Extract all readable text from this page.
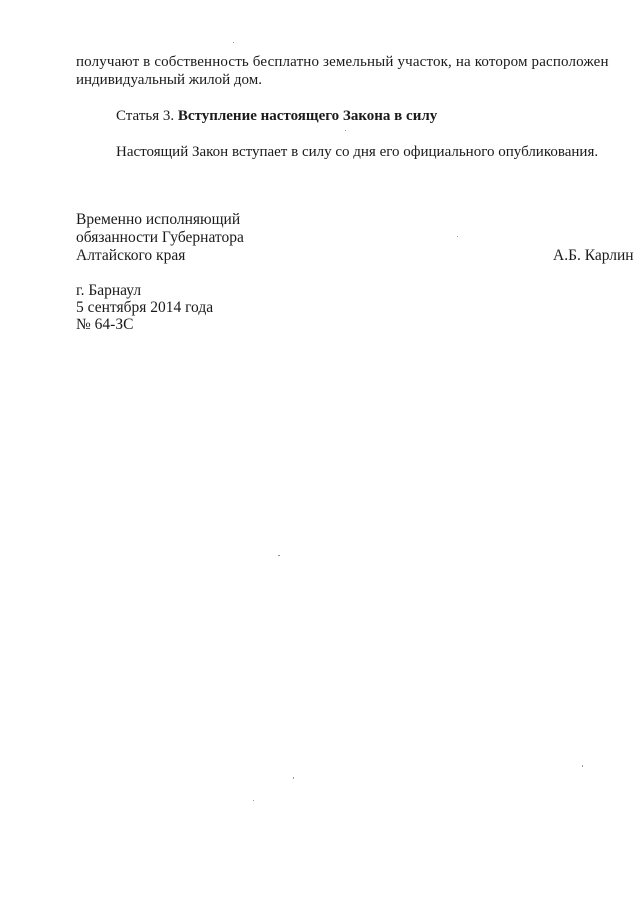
получают в собственность бесплатно земельный участок, на котором расположен
индивидуальный жилой дом.
Статья 3. Вступление настоящего Закона в силу
Настоящий Закон вступает в силу со дня его официального опубликования.
Временно исполняющий
обязанности Губернатора
Алтайского края	А.Б. Карлин
г. Барнаул
5 сентября 2014 года
№ 64-ЗС
